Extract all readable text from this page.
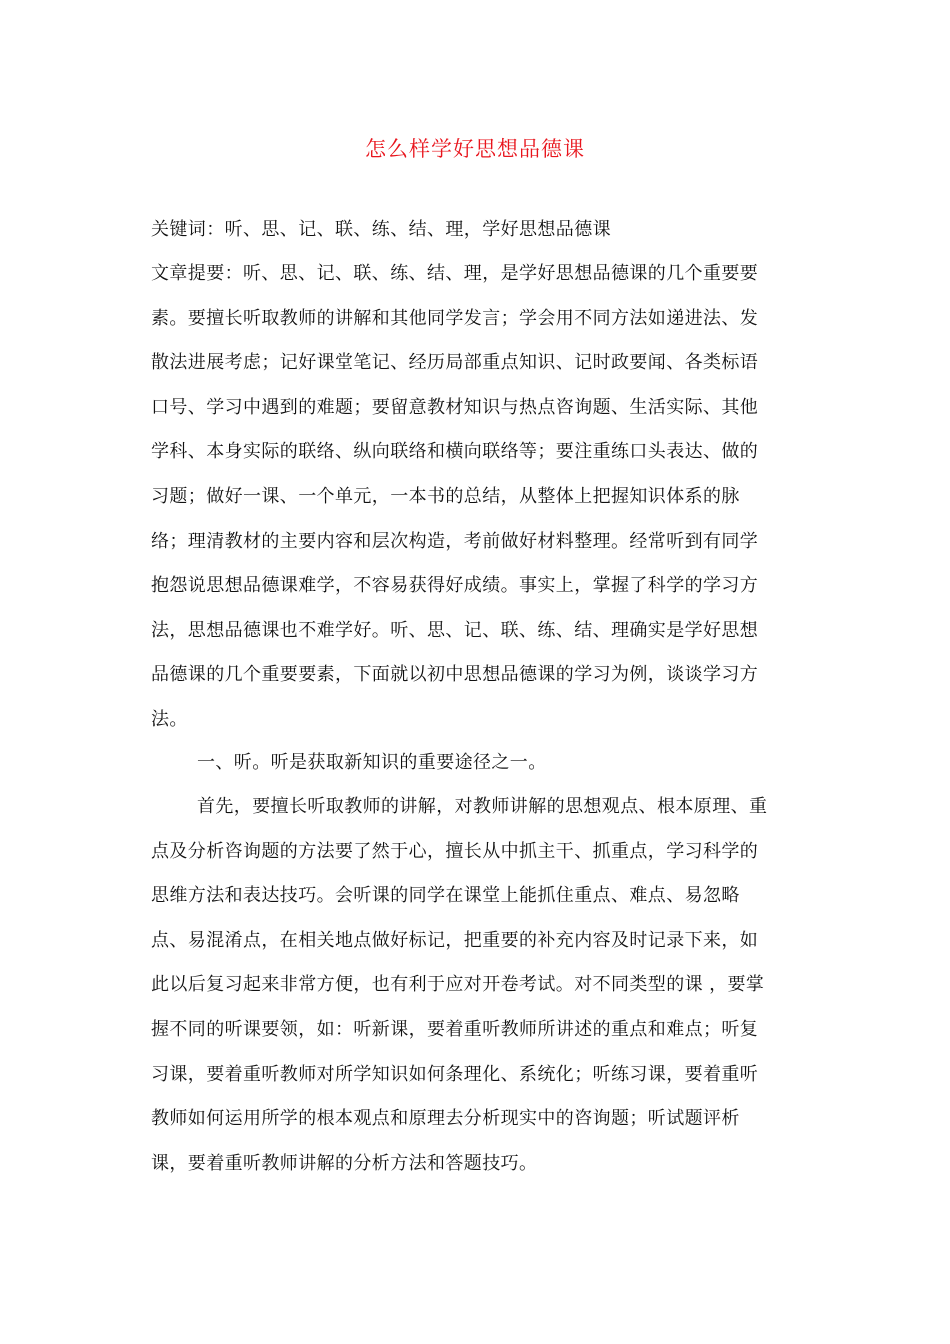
怎么样学好思想品德课
关键词：听、思、记、联、练、结、理，学好思想品德课
文章提要：听、思、记、联、练、结、理，是学好思想品德课的几个重要要
素。要擅长听取教师的讲解和其他同学发言；学会用不同方法如递进法、发
散法进展考虑；记好课堂笔记、经历局部重点知识、记时政要闻、各类标语
口号、学习中遇到的难题；要留意教材知识与热点咨询题、生活实际、其他
学科、本身实际的联络、纵向联络和横向联络等；要注重练口头表达、做的
习题；做好一课、一个单元，一本书的总结，从整体上把握知识体系的脉
络；理清教材的主要内容和层次构造，考前做好材料整理。经常听到有同学
抱怨说思想品德课难学，不容易获得好成绩。事实上，掌握了科学的学习方
法，思想品德课也不难学好。听、思、记、联、练、结、理确实是学好思想
品德课的几个重要要素，下面就以初中思想品德课的学习为例，谈谈学习方
法。
一、听。听是获取新知识的重要途径之一。
首先，要擅长听取教师的讲解，对教师讲解的思想观点、根本原理、重
点及分析咨询题的方法要了然于心，擅长从中抓主干、抓重点，学习科学的
思维方法和表达技巧。会听课的同学在课堂上能抓住重点、难点、易忽略
点、易混淆点，在相关地点做好标记，把重要的补充内容及时记录下来，如
此以后复习起来非常方便，也有利于应对开卷考试。对不同类型的课 ，要掌
握不同的听课要领，如：听新课，要着重听教师所讲述的重点和难点；听复
习课，要着重听教师对所学知识如何条理化、系统化；听练习课，要着重听
教师如何运用所学的根本观点和原理去分析现实中的咨询题；听试题评析
课，要着重听教师讲解的分析方法和答题技巧。
